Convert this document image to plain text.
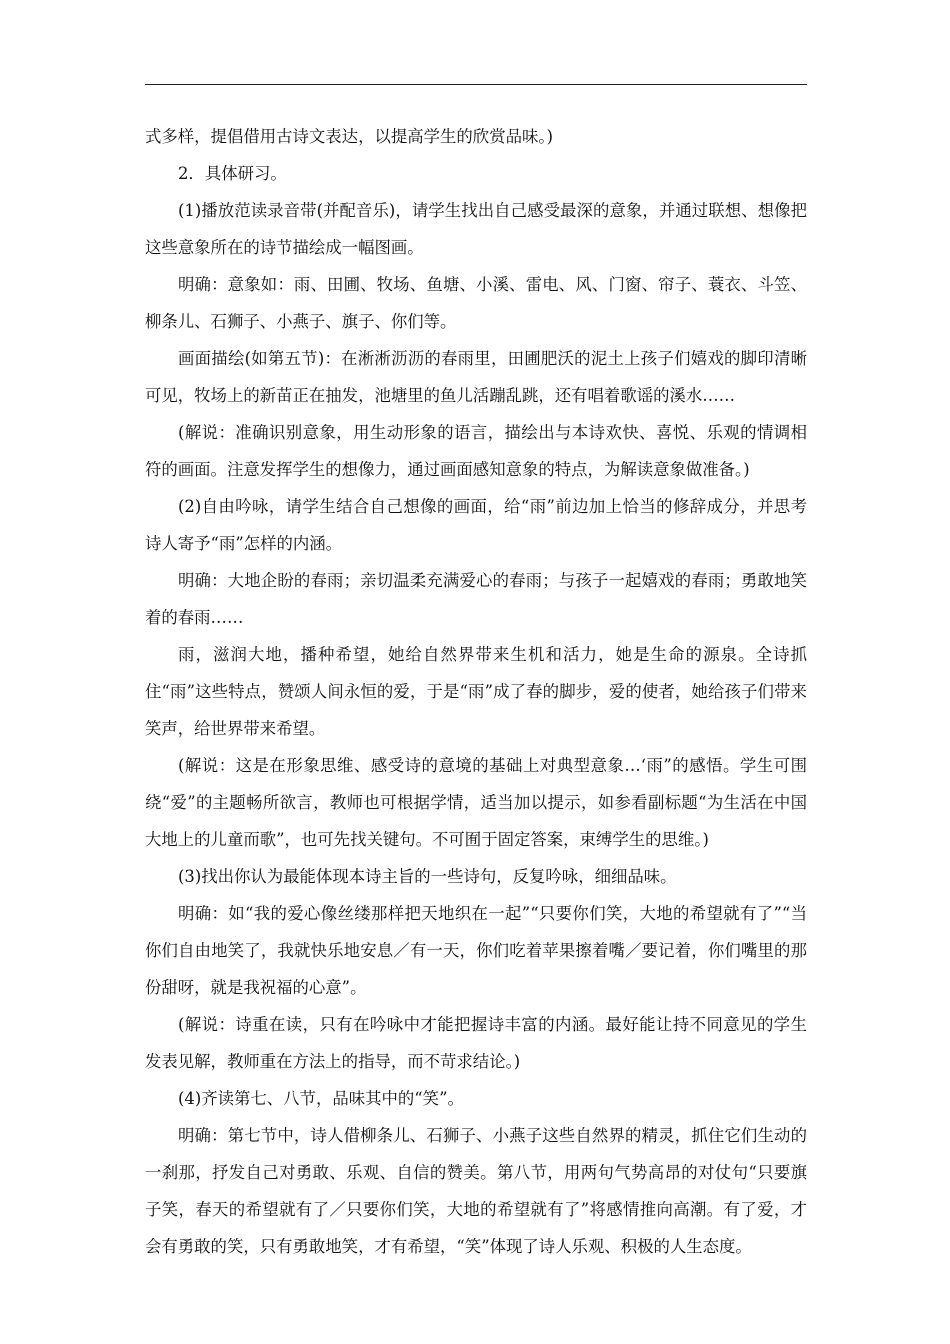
式多样，提倡借用古诗文表达，以提高学生的欣赏品味。)

2．具体研习。

(1)播放范读录音带(并配音乐)，请学生找出自己感受最深的意象，并通过联想、想像把这些意象所在的诗节描绘成一幅图画。

明确：意象如：雨、田圃、牧场、鱼塘、小溪、雷电、风、门窗、帘子、蓑衣、斗笠、柳条儿、石狮子、小燕子、旗子、你们等。

画面描绘(如第五节)：在淅淅沥沥的春雨里，田圃肥沃的泥土上孩子们嬉戏的脚印清晰可见，牧场上的新苗正在抽发，池塘里的鱼儿活蹦乱跳，还有唱着歌谣的溪水……

(解说：准确识别意象，用生动形象的语言，描绘出与本诗欢快、喜悦、乐观的情调相符的画面。注意发挥学生的想像力，通过画面感知意象的特点，为解读意象做准备。)

(2)自由吟咏，请学生结合自己想像的画面，给“雨”前边加上恰当的修辞成分，并思考诗人寄予“雨”怎样的内涵。

明确：大地企盼的春雨；亲切温柔充满爱心的春雨；与孩子一起嬉戏的春雨；勇敢地笑着的春雨……

雨，滋润大地，播种希望，她给自然界带来生机和活力，她是生命的源泉。全诗抓住“雨”这些特点，赞颂人间永恒的爱，于是“雨”成了春的脚步，爱的使者，她给孩子们带来笑声，给世界带来希望。

(解说：这是在形象思维、感受诗的意境的基础上对典型意象…‘雨”的感悟。学生可围绕“爱”的主题畅所欲言，教师也可根据学情，适当加以提示，如参看副标题“为生活在中国大地上的儿童而歌”，也可先找关键句。不可囿于固定答案，束缚学生的思维。)

(3)找出你认为最能体现本诗主旨的一些诗句，反复吟咏，细细品味。

明确：如“我的爱心像丝缕那样把天地织在一起”“只要你们笑，大地的希望就有了”“当你们自由地笑了，我就快乐地安息／有一天，你们吃着苹果擦着嘴／要记着，你们嘴里的那份甜呀，就是我祝福的心意”。

(解说：诗重在读，只有在吟咏中才能把握诗丰富的内涵。最好能让持不同意见的学生发表见解，教师重在方法上的指导，而不苛求结论。)

(4)齐读第七、八节，品味其中的“笑”。

明确：第七节中，诗人借柳条儿、石狮子、小燕子这些自然界的精灵，抓住它们生动的一刹那，抒发自己对勇敢、乐观、自信的赞美。第八节，用两句气势高昂的对仗句“只要旗子笑，春天的希望就有了／只要你们笑，大地的希望就有了”将感情推向高潮。有了爱，才会有勇敢的笑，只有勇敢地笑，才有希望，“笑”体现了诗人乐观、积极的人生态度。
